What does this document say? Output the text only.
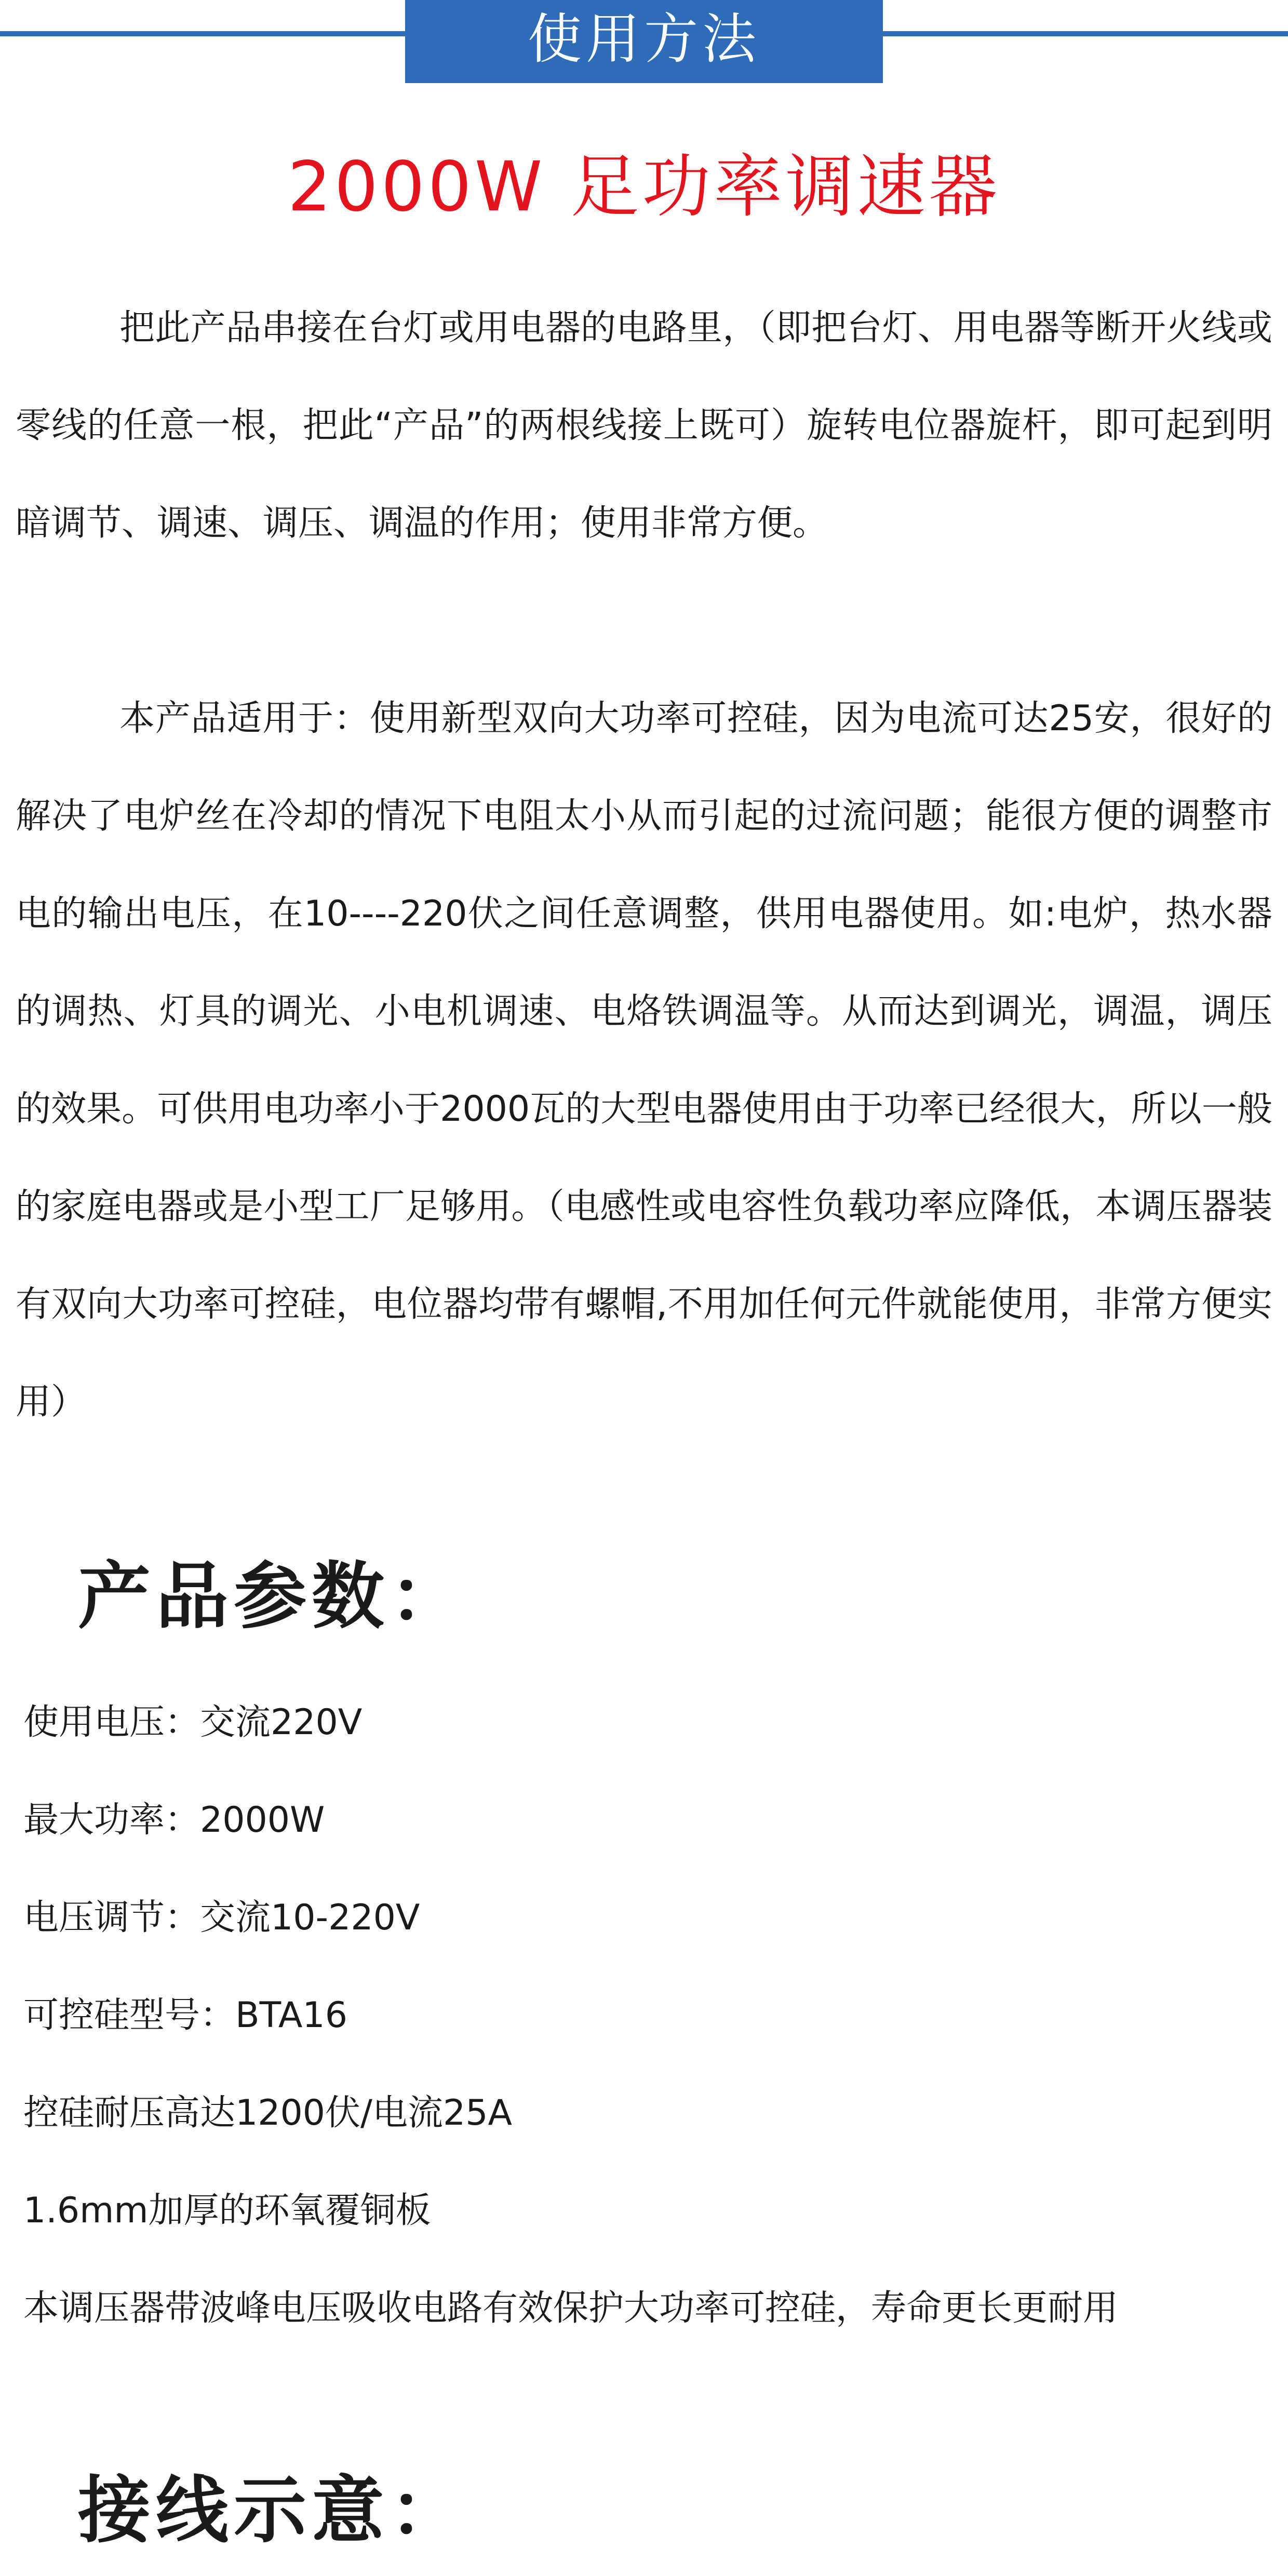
使用方法
2000W 足功率调速器

把此产品串接在台灯或用电器的电路里，（即把台灯、用电器等断开火线或零线的任意一根，把此“产品”的两根线接上既可）旋转电位器旋杆，即可起到明暗调节、调速、调压、调温的作用；使用非常方便。

本产品适用于：使用新型双向大功率可控硅，因为电流可达25安，很好的解决了电炉丝在冷却的情况下电阻太小从而引起的过流问题；能很方便的调整市电的输出电压，在10----220伏之间任意调整，供用电器使用。如:电炉，热水器的调热、灯具的调光、小电机调速、电烙铁调温等。从而达到调光，调温，调压的效果。可供用电功率小于2000瓦的大型电器使用由于功率已经很大，所以一般的家庭电器或是小型工厂足够用。（电感性或电容性负载功率应降低，本调压器装有双向大功率可控硅，电位器均带有螺帽,不用加任何元件就能使用，非常方便实用）

产品参数：
使用电压：交流220V
最大功率：2000W
电压调节：交流10-220V
可控硅型号：BTA16
控硅耐压高达1200伏/电流25A
1.6mm加厚的环氧覆铜板
本调压器带波峰电压吸收电路有效保护大功率可控硅，寿命更长更耐用
接线示意：
